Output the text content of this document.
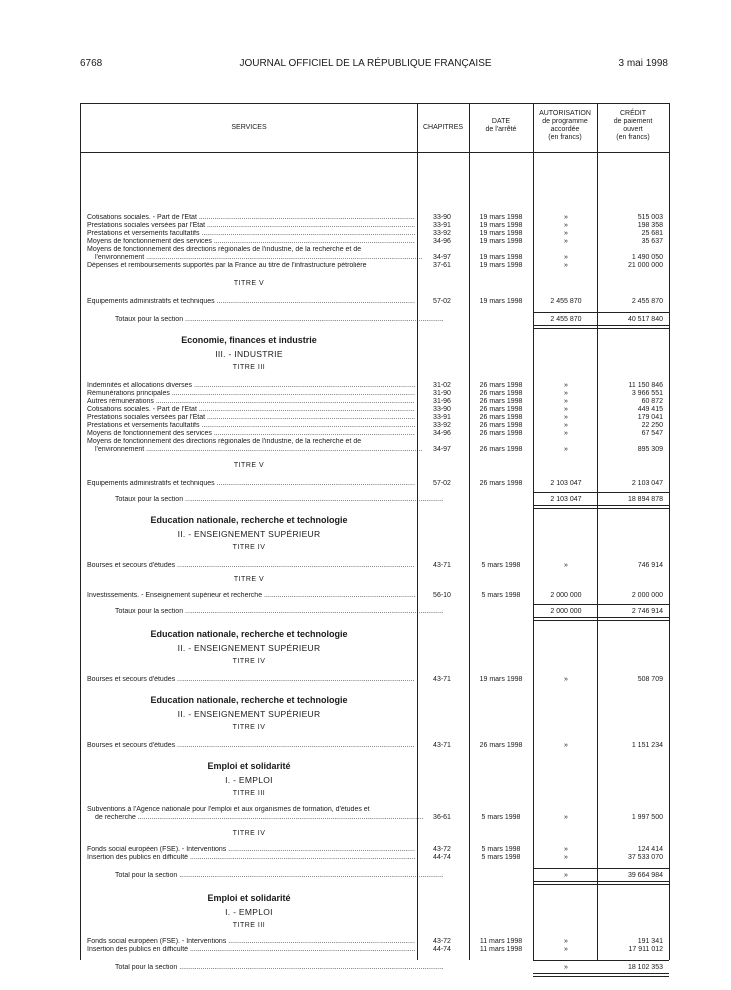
6768	JOURNAL OFFICIEL DE LA RÉPUBLIQUE FRANÇAISE	3 mai 1998
SERVICES	CHAPITRES
DATE
de l'arrêté
AUTORISATION
de programme
accordée
(en francs)
CRÉDIT
de paiement
ouvert
(en francs)
Cotisations sociales. - Part de l'Etat .....	33-90	19 mars 1998	»	515 003
Prestations sociales versées par l'Etat .....	33-91	19 mars 1998	»	198 358
Prestations et versements facultatifs .....	33-92	19 mars 1998	»	25 681
Moyens de fonctionnement des services .....	34-96	19 mars 1998	»	35 637
Moyens de fonctionnement des directions régionales de l'industrie, de la recherche et de
l'environnement .....	34-97	19 mars 1998	»	1 490 050
Dépenses et remboursements supportés par la France au titre de l'infrastructure pétrolière	37-61	19 mars 1998	»	21 000 000
TITRE V
Equipements administratifs et techniques .....	57-02	19 mars 1998	2 455 870	2 455 870
Totaux pour la section .....	2 455 870	40 517 840
Economie, finances et industrie
III. - INDUSTRIE
TITRE III
Indemnités et allocations diverses .....	31-02	26 mars 1998	»	11 150 846
Rémunérations principales .....	31-90	26 mars 1998	»	3 966 551
Autres rémunérations .....	31-96	26 mars 1998	»	60 872
Cotisations sociales. - Part de l'Etat .....	33-90	26 mars 1998	»	449 415
Prestations sociales versées par l'Etat .....	33-91	26 mars 1998	»	179 041
Prestations et versements facultatifs .....	33-92	26 mars 1998	»	22 250
Moyens de fonctionnement des services .....	34-96	26 mars 1998	»	67 547
Moyens de fonctionnement des directions régionales de l'industrie, de la recherche et de
l'environnement .....	34-97	26 mars 1998	»	895 309
TITRE V
Equipements administratifs et techniques .....	57-02	26 mars 1998	2 103 047	2 103 047
Totaux pour la section .....	2 103 047	18 894 878
Education nationale, recherche et technologie
II. - ENSEIGNEMENT SUPÉRIEUR
TITRE IV
Bourses et secours d'études .....	43-71	5 mars 1998	»	746 914
TITRE V
Investissements. - Enseignement supérieur et recherche .....	56-10	5 mars 1998	2 000 000	2 000 000
Totaux pour la section .....	2 000 000	2 746 914
Education nationale, recherche et technologie
II. - ENSEIGNEMENT SUPÉRIEUR
TITRE IV
Bourses et secours d'études .....	43-71	19 mars 1998	»	508 709
Education nationale, recherche et technologie
II. - ENSEIGNEMENT SUPÉRIEUR
TITRE IV
Bourses et secours d'études .....	43-71	26 mars 1998	»	1 151 234
Emploi et solidarité
I. - EMPLOI
TITRE III
Subventions à l'Agence nationale pour l'emploi et aux organismes de formation, d'études et
de recherche .....	36-61	5 mars 1998	»	1 997 500
TITRE IV
Fonds social européen (FSE). - Interventions .....	43-72	5 mars 1998	»	124 414
Insertion des publics en difficulté .....	44-74	5 mars 1998	»	37 533 070
Total pour la section .....	»	39 664 984
Emploi et solidarité
I. - EMPLOI
TITRE III
Fonds social européen (FSE). - Interventions .....	43-72	11 mars 1998	»	191 341
Insertion des publics en difficulté .....	44-74	11 mars 1998	»	17 911 012
Total pour la section .....	»	18 102 353
